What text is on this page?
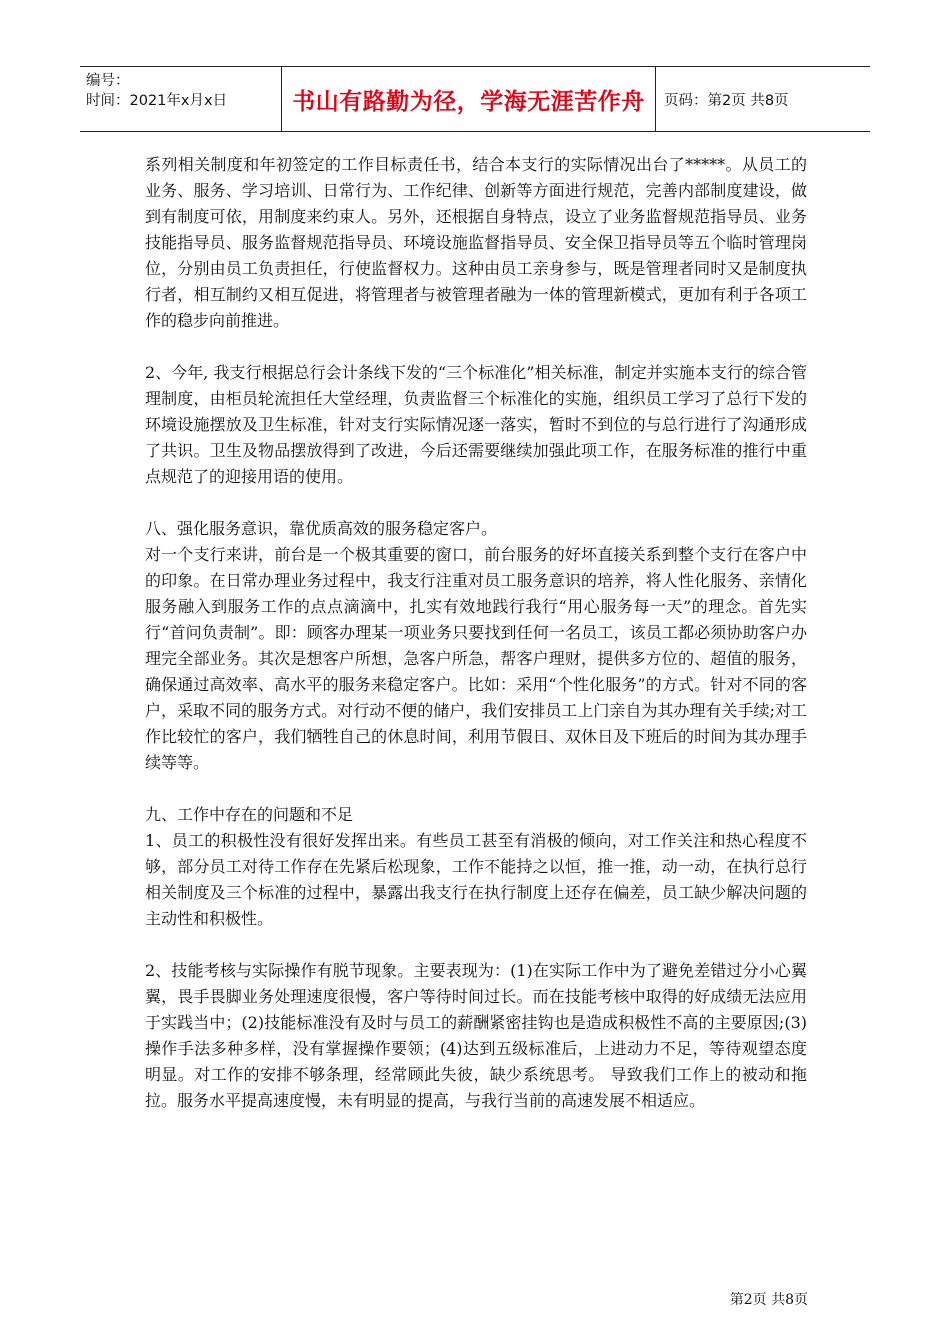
编号：
时间：2021年x月x日	书山有路勤为径，学海无涯苦作舟 页码：第2页 共8页

系列相关制度和年初签定的工作目标责任书，结合本支行的实际情况出台了*****。从员工的业务、服务、学习培训、日常行为、工作纪律、创新等方面进行规范，完善内部制度建设，做到有制度可依，用制度来约束人。另外，还根据自身特点，设立了业务监督规范指导员、业务技能指导员、服务监督规范指导员、环境设施监督指导员、安全保卫指导员等五个临时管理岗位，分别由员工负责担任，行使监督权力。这种由员工亲身参与，既是管理者同时又是制度执行者，相互制约又相互促进，将管理者与被管理者融为一体的管理新模式，更加有利于各项工作的稳步向前推进。

2、今年, 我支行根据总行会计条线下发的“三个标准化”相关标准，制定并实施本支行的综合管理制度，由柜员轮流担任大堂经理，负责监督三个标准化的实施，组织员工学习了总行下发的环境设施摆放及卫生标准，针对支行实际情况逐一落实，暂时不到位的与总行进行了沟通形成了共识。卫生及物品摆放得到了改进，今后还需要继续加强此项工作，在服务标准的推行中重点规范了的迎接用语的使用。

八、强化服务意识，靠优质高效的服务稳定客户。

对一个支行来讲，前台是一个极其重要的窗口，前台服务的好坏直接关系到整个支行在客户中的印象。在日常办理业务过程中，我支行注重对员工服务意识的培养，将人性化服务、亲情化服务融入到服务工作的点点滴滴中，扎实有效地践行我行“用心服务每一天”的理念。首先实行“首问负责制”。即：顾客办理某一项业务只要找到任何一名员工，该员工都必须协助客户办理完全部业务。其次是想客户所想，急客户所急，帮客户理财，提供多方位的、超值的服务，确保通过高效率、高水平的服务来稳定客户。比如：采用“个性化服务”的方式。针对不同的客户，采取不同的服务方式。对行动不便的储户，我们安排员工上门亲自为其办理有关手续;对工作比较忙的客户，我们牺牲自己的休息时间，利用节假日、双休日及下班后的时间为其办理手续等等。

九、工作中存在的问题和不足

1、员工的积极性没有很好发挥出来。有些员工甚至有消极的倾向，对工作关注和热心程度不够，部分员工对待工作存在先紧后松现象，工作不能持之以恒，推一推，动一动，在执行总行相关制度及三个标准的过程中，暴露出我支行在执行制度上还存在偏差，员工缺少解决问题的主动性和积极性。

2、技能考核与实际操作有脱节现象。主要表现为：(1)在实际工作中为了避免差错过分小心翼翼，畏手畏脚业务处理速度很慢，客户等待时间过长。而在技能考核中取得的好成绩无法应用于实践当中；(2)技能标准没有及时与员工的薪酬紧密挂钩也是造成积极性不高的主要原因;(3)操作手法多种多样，没有掌握操作要领；(4)达到五级标准后，上进动力不足，等待观望态度明显。对工作的安排不够条理，经常顾此失彼，缺少系统思考。 导致我们工作上的被动和拖拉。服务水平提高速度慢，未有明显的提高，与我行当前的高速发展不相适应。

第2页 共8页
